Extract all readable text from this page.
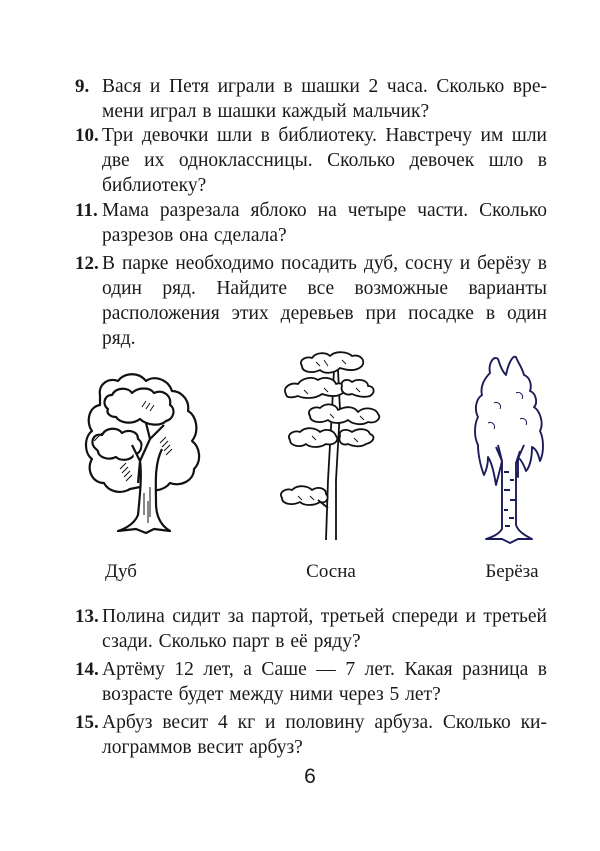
9. Вася и Петя играли в шашки 2 часа. Сколько времени играл в шашки каждый мальчик?
10. Три девочки шли в библиотеку. Навстречу им шли две их одноклассницы. Сколько девочек шло в библиотеку?
11. Мама разрезала яблоко на четыре части. Сколько разрезов она сделала?
12. В парке необходимо посадить дуб, сосну и берёзу в один ряд. Найдите все возможные варианты расположения этих деревьев при посадке в один ряд.
Дуб	Сосна	Берёза
13. Полина сидит за партой, третьей спереди и третьей сзади. Сколько парт в её ряду?
14. Артёму 12 лет, а Саше — 7 лет. Какая разница в возрасте будет между ними через 5 лет?
15. Арбуз весит 4 кг и половину арбуза. Сколько килограммов весит арбуз?
6
